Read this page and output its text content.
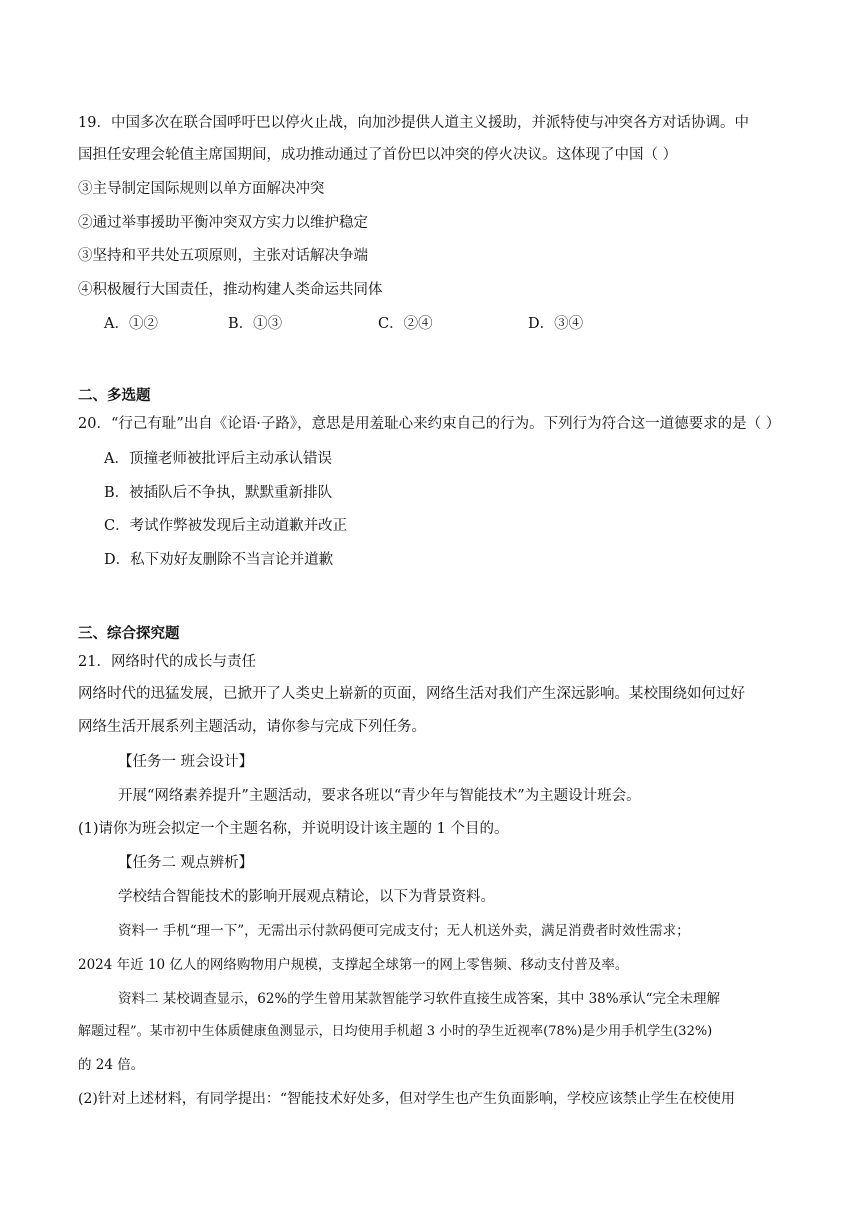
19．中国多次在联合国呼吁巴以停火止战，向加沙提供人道主义援助，并派特使与冲突各方对话协调。中
国担任安理会轮值主席国期间，成功推动通过了首份巴以冲突的停火决议。这体现了中国（ ）
③主导制定国际规则以单方面解决冲突
②通过举事援助平衡冲突双方实力以维护稳定
③坚持和平共处五项原则，主张对话解决争端
④积极履行大国责任，推动构建人类命运共同体
A．①②	B．①③	C．②④	D．③④
二、多选题
20．“行己有耻”出自《论语·子路》，意思是用羞耻心来约束自己的行为。下列行为符合这一道德要求的是（ ）
A．顶撞老师被批评后主动承认错误
B．被插队后不争执，默默重新排队
C．考试作弊被发现后主动道歉并改正
D．私下劝好友删除不当言论并道歉
三、综合探究题
21．网络时代的成长与责任
网络时代的迅猛发展，已掀开了人类史上崭新的页面，网络生活对我们产生深远影响。某校围绕如何过好
网络生活开展系列主题活动，请你参与完成下列任务。
【任务一 班会设计】
开展“网络素养提升”主题活动，要求各班以“青少年与智能技术”为主题设计班会。
(1)请你为班会拟定一个主题名称，并说明设计该主题的 1 个目的。
【任务二 观点辨析】
学校结合智能技术的影响开展观点精论，以下为背景资料。
资料一 手机“理一下”，无需出示付款码便可完成支付；无人机送外卖，满足消费者时效性需求；
2024 年近 10 亿人的网络购物用户规模，支撑起全球第一的网上零售频、移动支付普及率。
资料二 某校调查显示，62%的学生曾用某款智能学习软件直接生成答案，其中 38%承认“完全未理解
解题过程”。某市初中生体质健康鱼测显示，日均使用手机超 3 小时的孕生近视率(78%)是少用手机学生(32%)
的 24 倍。
(2)针对上述材料，有同学提出：“智能技术好处多，但对学生也产生负面影响，学校应该禁止学生在校使用
